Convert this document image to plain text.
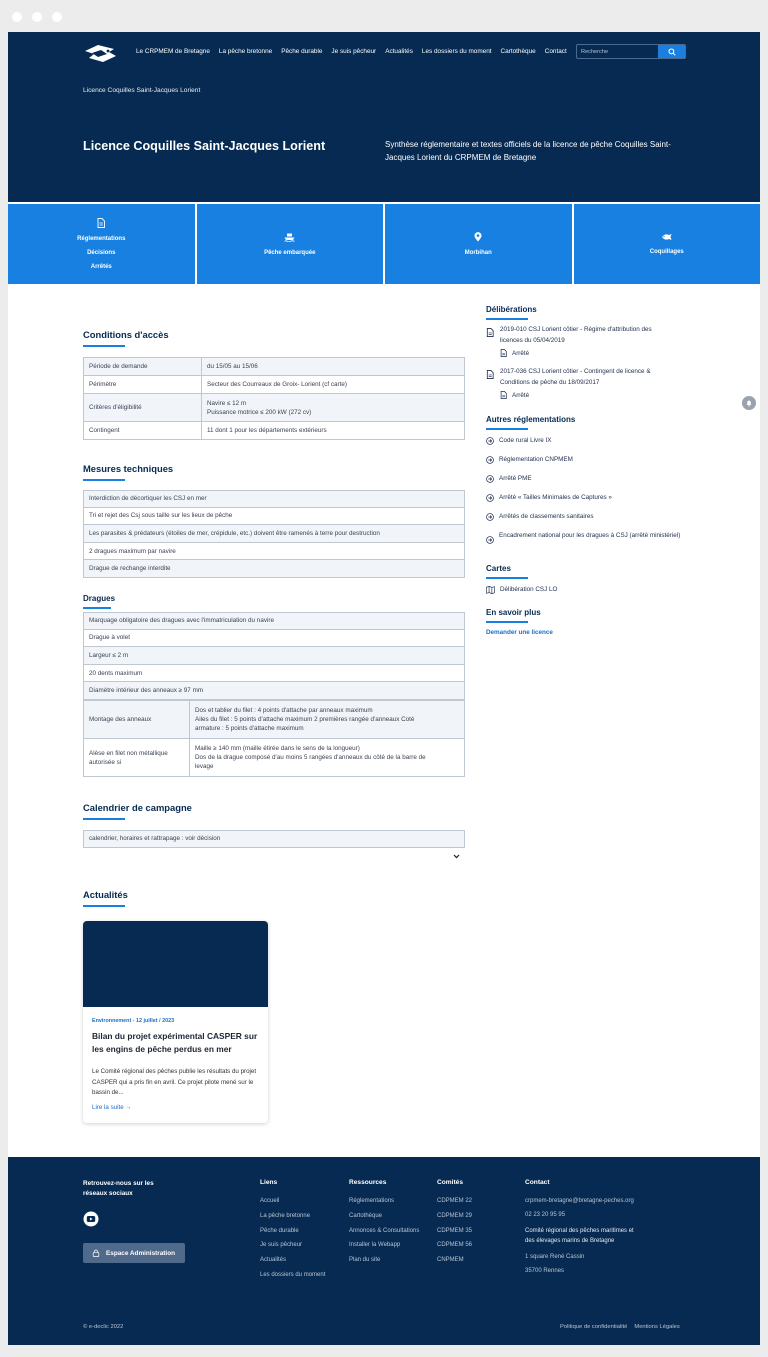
Le CRPMEM de Bretagne La pêche bretonne Pêche durable Je suis pêcheur Actualités Les dossiers du moment Cartothèque Contact
Recherche
Licence Coquilles Saint-Jacques Lorient
Licence Coquilles Saint-Jacques Lorient	Synthèse réglementaire et textes officiels de la licence de pêche Coquilles Saint-Jacques Lorient du CRPMEM de Bretagne

Réglementations
Décisions
Arrêtés
Pêche embarquée	Morbihan	Coquillages
Conditions d'accès
Période de demande	du 15/05 au 15/06
Périmètre	Secteur des Courreaux de Groix- Lorient (cf carte)
Critères d'éligibilité	Navire ≤ 12 m
Puissance motrice ≤ 200 kW (272 cv)

Contingent	11 dont 1 pour les départements extérieurs
Mesures techniques
Interdiction de décortiquer les CSJ en mer
Tri et rejet des Csj sous taille sur les lieux de pêche
Les parasites & prédateurs (étoiles de mer, crépidule, etc.) doivent être ramenés à terre pour destruction
2 dragues maximum par navire
Drague de rechange interdite
Dragues
Marquage obligatoire des dragues avec l'immatriculation du navire
Drague à volet
Largeur ≤ 2 m
20 dents maximum
Diamètre intérieur des anneaux ≥ 97 mm
Montage des anneaux	Dos et tablier du filet : 4 points d'attache par anneaux maximum
Ailes du filet : 5 points d'attache maximum 2 premières rangée d'anneaux Coté
armature : 5 points d'attache maximum

Alèse en filet non métallique autorisée si	Maille ≥ 140 mm (maille étirée dans le sens de la longueur)
Dos de la drague composé d'au moins 5 rangées d'anneaux du côté de la barre de
levage
Calendrier de campagne
calendrier, horaires et rattrapage : voir décision
Actualités
Environnement - 12 juillet / 2023
Bilan du projet expérimental CASPER sur les engins de pêche perdus en mer
Le Comité régional des pêches publie les résultats du projet CASPER qui a pris fin en avril. Ce projet pilote mené sur le bassin de...
Lire la suite →
Délibérations
2019-010 CSJ Lorient côtier - Régime d'attribution des licences du 05/04/2019
Arrêté
2017-036 CSJ Lorient côtier - Contingent de licence & Conditions de pêche du 18/09/2017
Arrêté
Autres réglementations
Code rural Livre IX
Réglementation CNPMEM
Arrêté PME
Arrêté « Tailles Minimales de Captures »
Arrêtés de classements sanitaires
Encadrement national pour les dragues à CSJ (arrêté ministériel)
Cartes
Délibération CSJ LO
En savoir plus
Demander une licence
Retrouvez-nous sur les réseaux sociaux
Espace Administration
Liens
Accueil
La pêche bretonne
Pêche durable
Je suis pêcheur
Actualités
Les dossiers du moment
Ressources
Réglementations
Cartothèque
Annonces & Consultations
Installer la Webapp
Plan du site
Comités
CDPMEM 22
CDPMEM 29
CDPMEM 35
CDPMEM 56
CNPMEM
Contact
crpmem-bretagne@bretagne-peches.org
02 23 20 95 95
Comité régional des pêches maritimes et des élevages marins de Bretagne
1 square René Cassin
35700 Rennes
© e-declic 2022	Politique de confidentialité Mentions Légales
